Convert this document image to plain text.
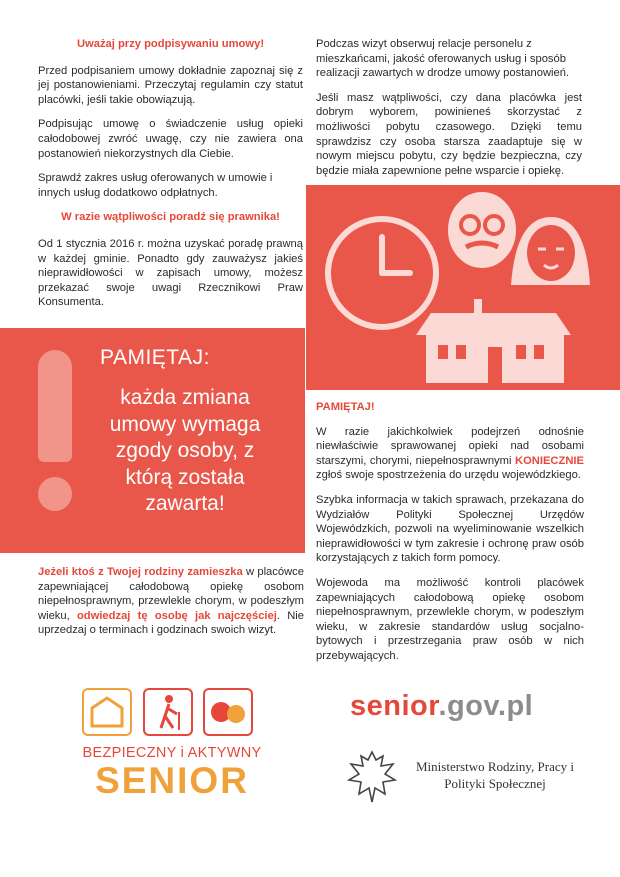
Uważaj przy podpisywaniu umowy!

Przed podpisaniem umowy dokładnie zapoznaj się z jej postanowieniami. Przeczytaj regulamin czy statut placówki, jeśli takie obowiązują.

Podpisując umowę o świadczenie usług opieki całodobowej zwróć uwagę, czy nie zawiera ona postanowień niekorzystnych dla Ciebie.

Sprawdź zakres usług oferowanych w umowie i innych usług dodatkowo odpłatnych.

W razie wątpliwości poradź się prawnika!

Od 1 stycznia 2016 r. można uzyskać poradę prawną w każdej gminie. Ponadto gdy zauważysz jakieś nieprawidłowości w zapisach umowy, możesz przekazać swoje uwagi Rzecznikowi Praw Konsumenta.

Podczas wizyt obserwuj relacje personelu z mieszkańcami, jakość oferowanych usług i sposób realizacji zawartych w drodze umowy postanowień.

Jeśli masz wątpliwości, czy dana placówka jest dobrym wyborem, powinieneś skorzystać z możliwości pobytu czasowego. Dzięki temu sprawdzisz czy osoba starsza zaadaptuje się w nowym miejscu pobytu, czy będzie bezpieczna, czy będzie miała zapewnione pełne wsparcie i opiekę.

PAMIĘTAJ:
każda zmiana umowy wymaga zgody osoby, z którą została zawarta!
PAMIĘTAJ!

W razie jakichkolwiek podejrzeń odnośnie niewłaściwie sprawowanej opieki nad osobami starszymi, chorymi, niepełnosprawnymi KONIECZNIE zgłoś swoje spostrzeżenia do urzędu wojewódzkiego.

Szybka informacja w takich sprawach, przekazana do Wydziałów Polityki Społecznej Urzędów Wojewódzkich, pozwoli na wyeliminowanie wszelkich nieprawidłowości w tym zakresie i ochronę praw osób korzystających z takich form pomocy.

Wojewoda ma możliwość kontroli placówek zapewniających całodobową opiekę osobom niepełnosprawnym, przewlekle chorym, w podeszłym wieku, w zakresie standardów usług socjalno-bytowych i przestrzegania praw osób w nich przebywających.

Jeżeli ktoś z Twojej rodziny zamieszka w placówce zapewniającej całodobową opiekę osobom niepełnosprawnym, przewlekle chorym, w podeszłym wieku, odwiedzaj tę osobę jak najczęściej. Nie uprzedzaj o terminach i godzinach swoich wizyt.

BEZPIECZNY i AKTYWNY
SENIOR
senior.gov.pl
Ministerstwo Rodziny, Pracy i Polityki Społecznej
